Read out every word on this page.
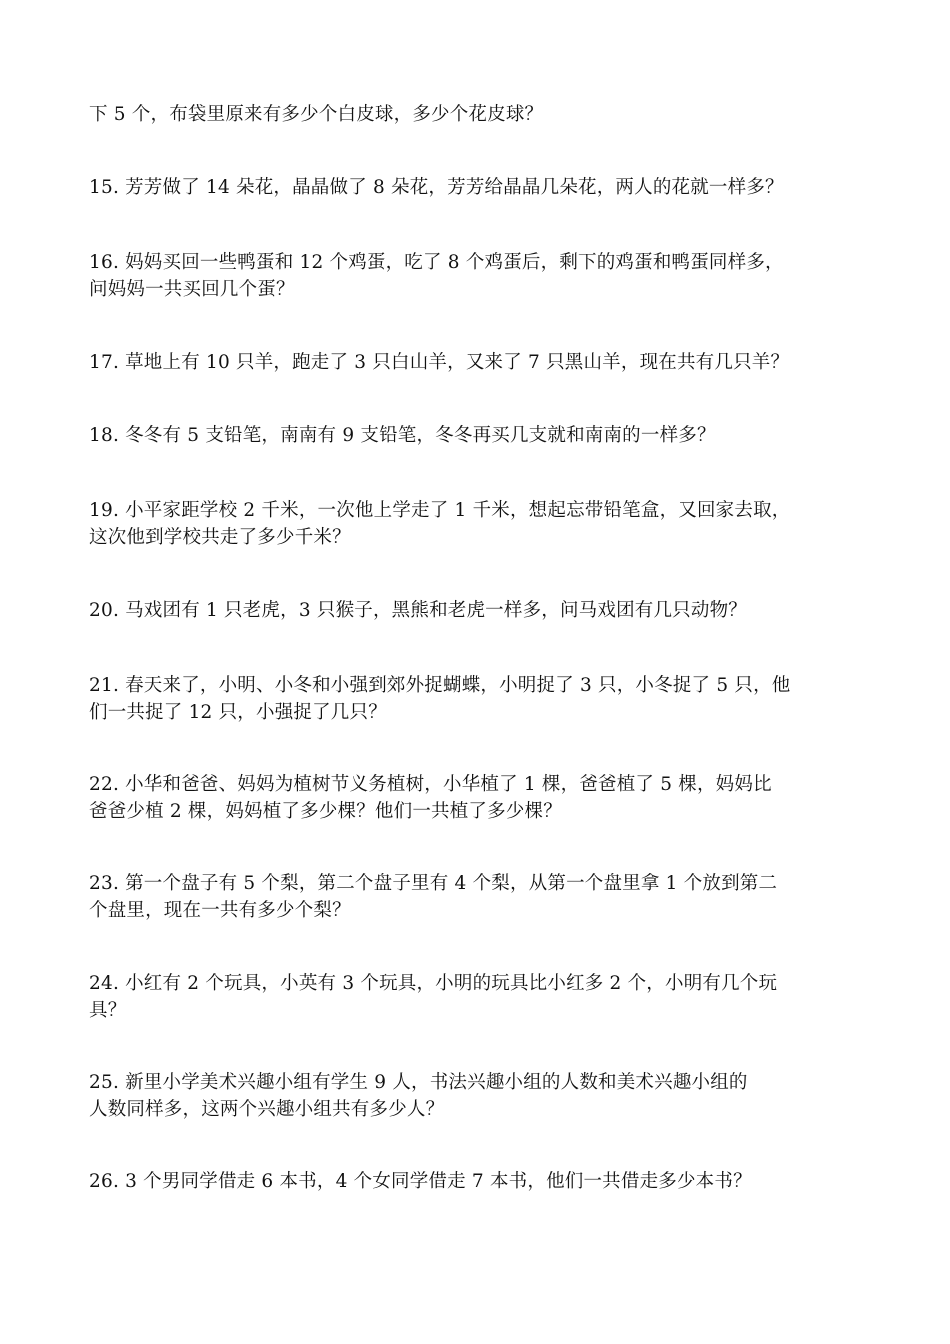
下 5 个，布袋里原来有多少个白皮球，多少个花皮球？
15. 芳芳做了 14 朵花，晶晶做了 8 朵花，芳芳给晶晶几朵花，两人的花就一样多？
16. 妈妈买回一些鸭蛋和 12 个鸡蛋，吃了 8 个鸡蛋后，剩下的鸡蛋和鸭蛋同样多，
问妈妈一共买回几个蛋？
17. 草地上有 10 只羊，跑走了 3 只白山羊，又来了 7 只黑山羊，现在共有几只羊？
18. 冬冬有 5 支铅笔，南南有 9 支铅笔，冬冬再买几支就和南南的一样多？
19. 小平家距学校 2 千米，一次他上学走了 1 千米，想起忘带铅笔盒，又回家去取，
这次他到学校共走了多少千米？
20. 马戏团有 1 只老虎，3 只猴子，黑熊和老虎一样多，问马戏团有几只动物？
21. 春天来了，小明、小冬和小强到郊外捉蝴蝶，小明捉了 3 只，小冬捉了 5 只，他
们一共捉了 12 只，小强捉了几只？
22. 小华和爸爸、妈妈为植树节义务植树，小华植了 1 棵，爸爸植了 5 棵，妈妈比
爸爸少植 2 棵，妈妈植了多少棵？他们一共植了多少棵？
23. 第一个盘子有 5 个梨，第二个盘子里有 4 个梨，从第一个盘里拿 1 个放到第二
个盘里，现在一共有多少个梨？
24. 小红有 2 个玩具，小英有 3 个玩具，小明的玩具比小红多 2 个，小明有几个玩
具？
25. 新里小学美术兴趣小组有学生 9 人，书法兴趣小组的人数和美术兴趣小组的
人数同样多，这两个兴趣小组共有多少人？
26. 3 个男同学借走 6 本书，4 个女同学借走 7 本书，他们一共借走多少本书？
